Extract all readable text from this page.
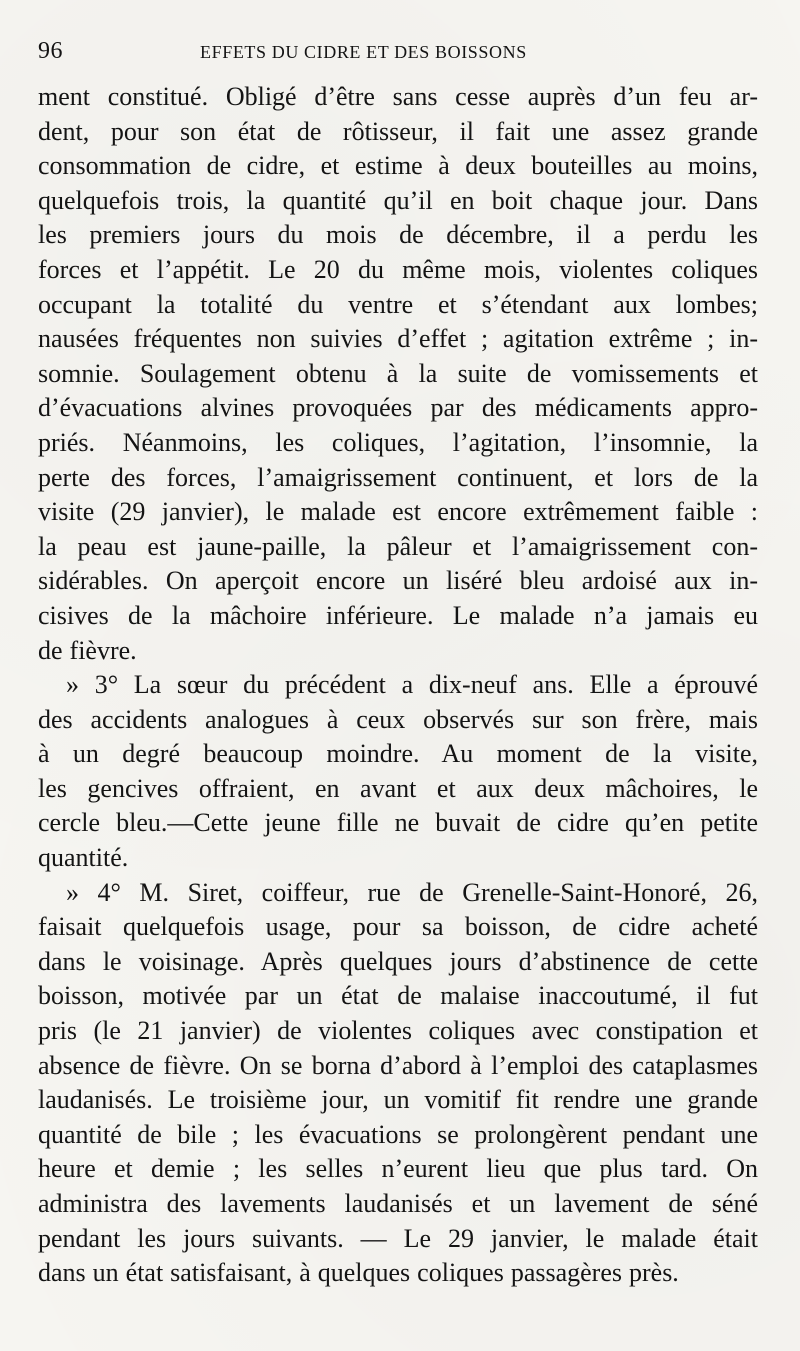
96	EFFETS DU CIDRE ET DES BOISSONS
ment constitué. Obligé d’être sans cesse auprès d’un feu ar-
dent, pour son état de rôtisseur, il fait une assez grande
consommation de cidre, et estime à deux bouteilles au moins,
quelquefois trois, la quantité qu’il en boit chaque jour. Dans
les premiers jours du mois de décembre, il a perdu les
forces et l’appétit. Le 20 du même mois, violentes coliques
occupant la totalité du ventre et s’étendant aux lombes;
nausées fréquentes non suivies d’effet ; agitation extrême ; in-
somnie. Soulagement obtenu à la suite de vomissements et
d’évacuations alvines provoquées par des médicaments appro-
priés. Néanmoins, les coliques, l’agitation, l’insomnie, la
perte des forces, l’amaigrissement continuent, et lors de la
visite (29 janvier), le malade est encore extrêmement faible :
la peau est jaune-paille, la pâleur et l’amaigrissement con-
sidérables. On aperçoit encore un liséré bleu ardoisé aux in-
cisives de la mâchoire inférieure. Le malade n’a jamais eu
de fièvre.
» 3° La sœur du précédent a dix-neuf ans. Elle a éprouvé
des accidents analogues à ceux observés sur son frère, mais
à un degré beaucoup moindre. Au moment de la visite,
les gencives offraient, en avant et aux deux mâchoires, le
cercle bleu.—Cette jeune fille ne buvait de cidre qu’en petite
quantité.
» 4° M. Siret, coiffeur, rue de Grenelle-Saint-Honoré, 26,
faisait quelquefois usage, pour sa boisson, de cidre acheté
dans le voisinage. Après quelques jours d’abstinence de cette
boisson, motivée par un état de malaise inaccoutumé, il fut
pris (le 21 janvier) de violentes coliques avec constipation et
absence de fièvre. On se borna d’abord à l’emploi des cataplasmes
laudanisés. Le troisième jour, un vomitif fit rendre une grande
quantité de bile ; les évacuations se prolongèrent pendant une
heure et demie ; les selles n’eurent lieu que plus tard. On
administra des lavements laudanisés et un lavement de séné
pendant les jours suivants. — Le 29 janvier, le malade était
dans un état satisfaisant, à quelques coliques passagères près.
